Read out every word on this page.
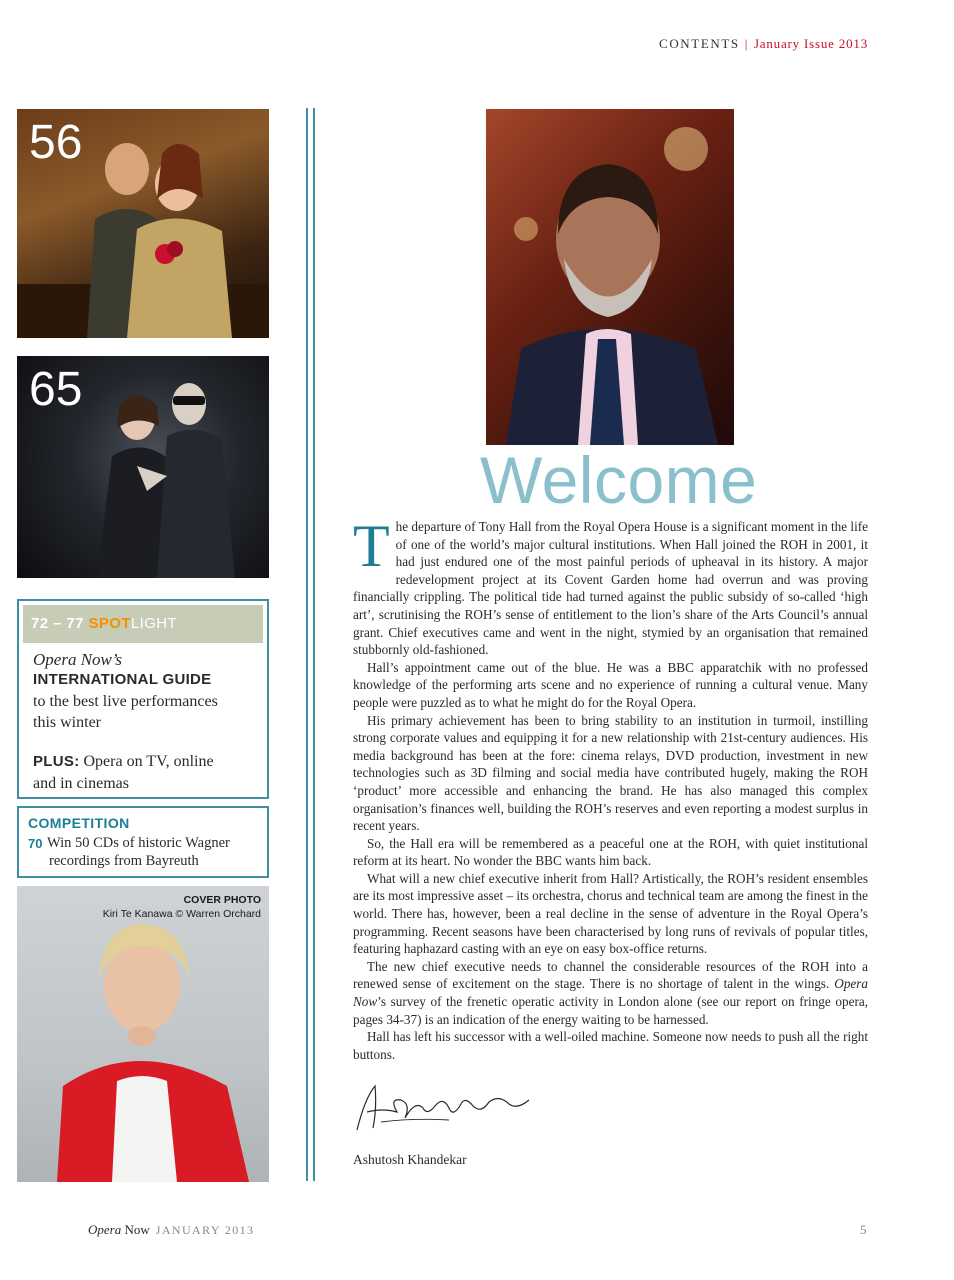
CONTENTS | January Issue 2013
56
65
72 – 77 SPOTLIGHT
Opera Now’s
INTERNATIONAL GUIDE
to the best live performances
this winter
PLUS: Opera on TV, online
and in cinemas
COMPETITION
70 Win 50 CDs of historic Wagner
recordings from Bayreuth
COVER PHOTO
Kiri Te Kanawa © Warren Orchard
Welcome

The departure of Tony Hall from the Royal Opera House is a significant moment in the life of one of the world’s major cultural institutions. When Hall joined the ROH in 2001, it had just endured one of the most painful periods of upheaval in its history. A major redevelopment project at its Covent Garden home had overrun and was proving financially crippling. The political tide had turned against the public subsidy of so-called ‘high art’, scrutinising the ROH’s sense of entitlement to the lion’s share of the Arts Council’s annual grant. Chief executives came and went in the night, stymied by an organisation that remained stubbornly old-fashioned.

Hall’s appointment came out of the blue. He was a BBC apparatchik with no professed knowledge of the performing arts scene and no experience of running a cultural venue. Many people were puzzled as to what he might do for the Royal Opera.

His primary achievement has been to bring stability to an institution in turmoil, instilling strong corporate values and equipping it for a new relationship with 21st-century audiences. His media background has been at the fore: cinema relays, DVD production, investment in new technologies such as 3D filming and social media have contributed hugely, making the ROH ‘product’ more accessible and enhancing the brand. He has also managed this complex organisation’s finances well, building the ROH’s reserves and even reporting a modest surplus in recent years.

So, the Hall era will be remembered as a peaceful one at the ROH, with quiet institutional reform at its heart. No wonder the BBC wants him back.

What will a new chief executive inherit from Hall? Artistically, the ROH’s resident ensembles are its most impressive asset – its orchestra, chorus and technical team are among the finest in the world. There has, however, been a real decline in the sense of adventure in the Royal Opera’s programming. Recent seasons have been characterised by long runs of revivals of popular titles, featuring haphazard casting with an eye on easy box-office returns.

The new chief executive needs to channel the considerable resources of the ROH into a renewed sense of excitement on the stage. There is no shortage of talent in the wings. Opera Now’s survey of the frenetic operatic activity in London alone (see our report on fringe opera, pages 34-37) is an indication of the energy waiting to be harnessed.

Hall has left his successor with a well-oiled machine. Someone now needs to push all the right buttons.

Ashutosh Khandekar
Opera Now JANUARY 2013	5
